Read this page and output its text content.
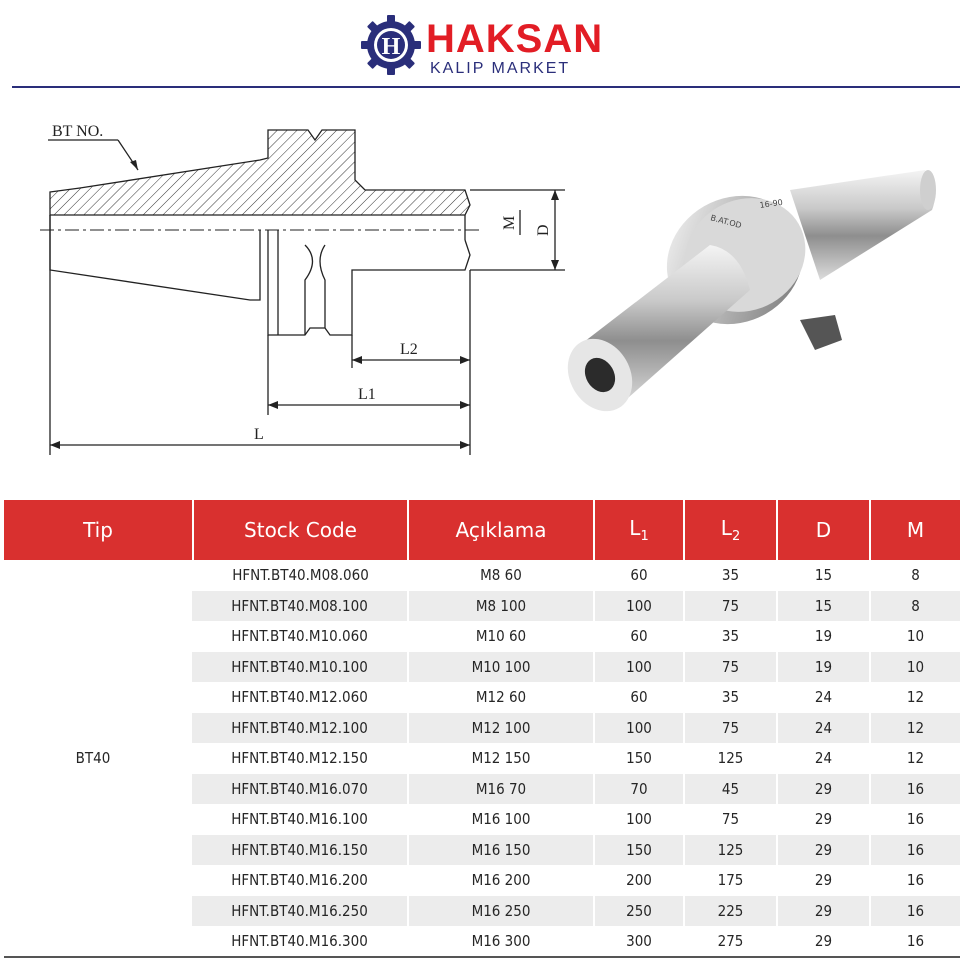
H HAKSAN
KALIP MARKET
BT NO.
M
D
L2
L1
L
16-90
B.AT.OD
Tip	Stock Code	Açıklama	$L_1$	$L_2$	D	M
BT40	HFNT.BT40.M08.060	M8 60	60	35	15	8
	HFNT.BT40.M08.100	M8 100	100	75	15	8
	HFNT.BT40.M10.060	M10 60	60	35	19	10
	HFNT.BT40.M10.100	M10 100	100	75	19	10
	HFNT.BT40.M12.060	M12 60	60	35	24	12
	HFNT.BT40.M12.100	M12 100	100	75	24	12
	HFNT.BT40.M12.150	M12 150	150	125	24	12
	HFNT.BT40.M16.070	M16 70	70	45	29	16
	HFNT.BT40.M16.100	M16 100	100	75	29	16
	HFNT.BT40.M16.150	M16 150	150	125	29	16
	HFNT.BT40.M16.200	M16 200	200	175	29	16
	HFNT.BT40.M16.250	M16 250	250	225	29	16
	HFNT.BT40.M16.300	M16 300	300	275	29	16
